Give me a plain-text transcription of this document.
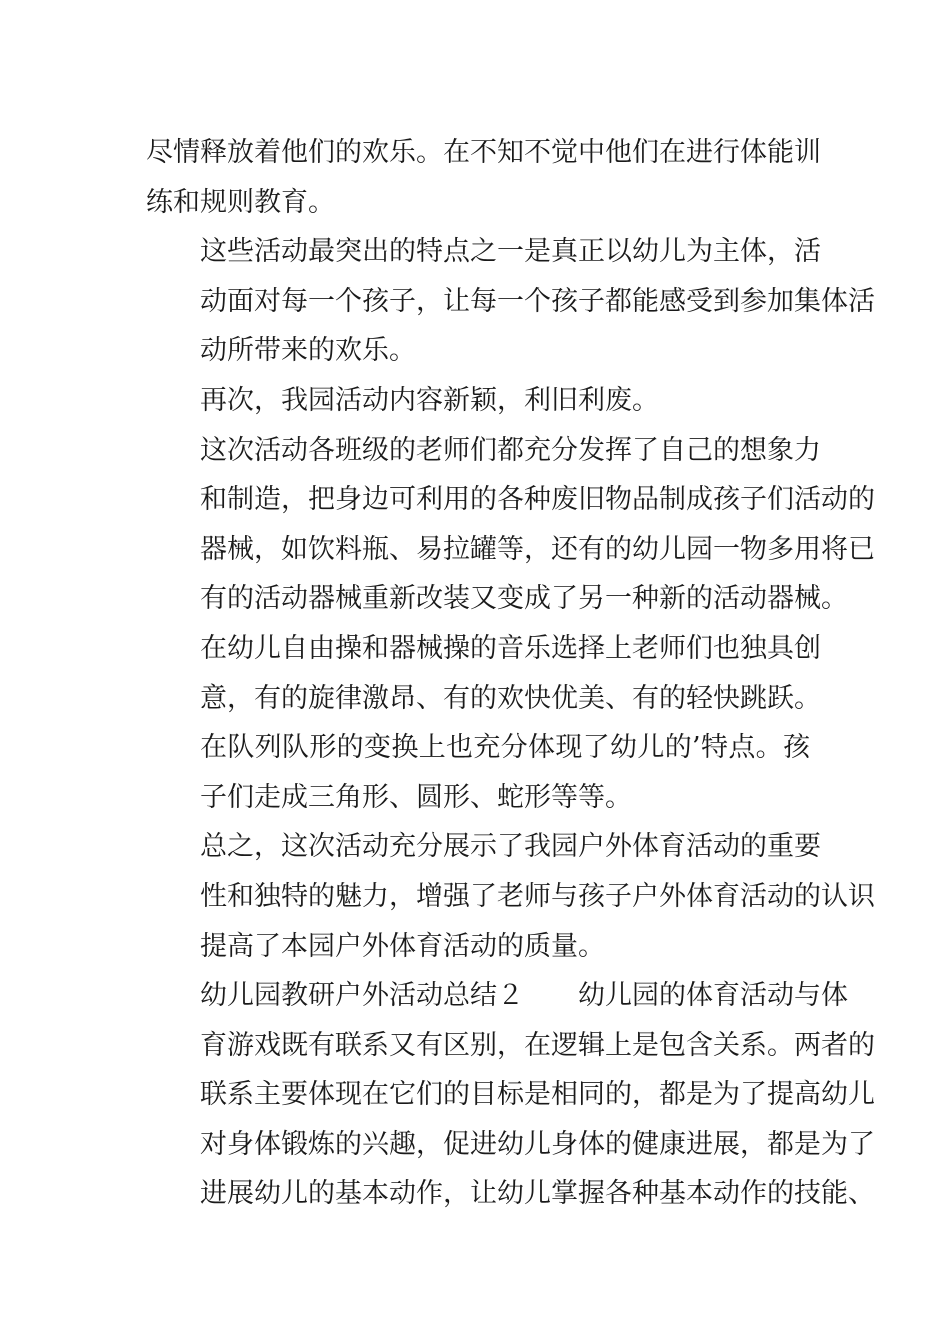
尽情释放着他们的欢乐。在不知不觉中他们在进行体能训
练和规则教育。
这些活动最突出的特点之一是真正以幼儿为主体，活
动面对每一个孩子，让每一个孩子都能感受到参加集体活
动所带来的欢乐。
再次，我园活动内容新颖，利旧利废。
这次活动各班级的老师们都充分发挥了自己的想象力
和制造，把身边可利用的各种废旧物品制成孩子们活动的
器械，如饮料瓶、易拉罐等，还有的幼儿园一物多用将已
有的活动器械重新改装又变成了另一种新的活动器械。
在幼儿自由操和器械操的音乐选择上老师们也独具创
意，有的旋律激昂、有的欢快优美、有的轻快跳跃。
在队列队形的变换上也充分体现了幼儿的’特点。孩
子们走成三角形、圆形、蛇形等等。
总之，这次活动充分展示了我园户外体育活动的重要
性和独特的魅力，增强了老师与孩子户外体育活动的认识
提高了本园户外体育活动的质量。
幼儿园教研户外活动总结２　　幼儿园的体育活动与体
育游戏既有联系又有区别，在逻辑上是包含关系。两者的
联系主要体现在它们的目标是相同的，都是为了提高幼儿
对身体锻炼的兴趣，促进幼儿身体的健康进展，都是为了
进展幼儿的基本动作，让幼儿掌握各种基本动作的技能、
